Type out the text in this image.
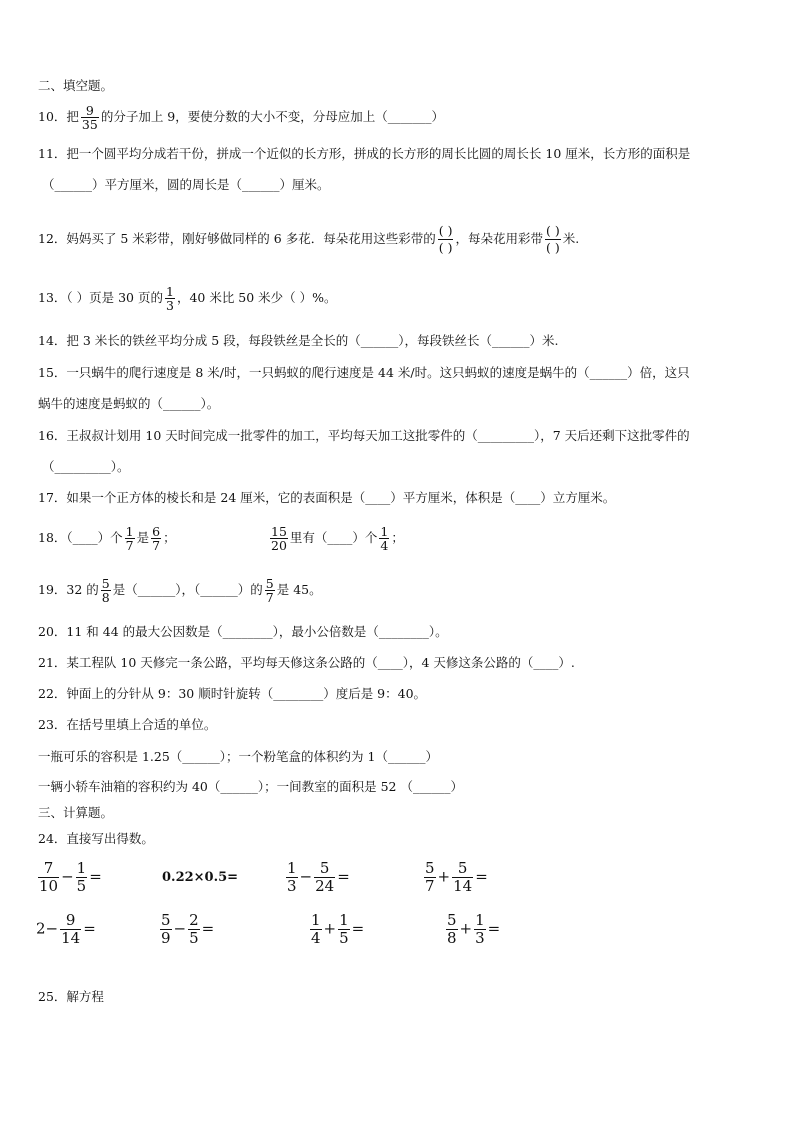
二、填空题。
10．把 $\frac{9}{35}$ 的分子加上 9，要使分数的大小不变，分母应加上（_______）
11．把一个圆平均分成若干份，拼成一个近似的长方形，拼成的长方形的周长比圆的周长长 10 厘米，长方形的面积是
（______）平方厘米，圆的周长是（______）厘米。
12．妈妈买了 5 米彩带，刚好够做同样的 6 多花．每朵花用这些彩带的
( )
( )
，每朵花用彩带
( )
( )
米.
13．（ ）页是 30 页的 $\frac{1}{3}$ ，40 米比 50 米少（ ）%。
14．把 3 米长的铁丝平均分成 5 段，每段铁丝是全长的（______），每段铁丝长（______）米.
15．一只蜗牛的爬行速度是 8 米/时，一只蚂蚁的爬行速度是 44 米/时。这只蚂蚁的速度是蜗牛的（______）倍，这只
蜗牛的速度是蚂蚁的（______）。
16．王叔叔计划用 10 天时间完成一批零件的加工，平均每天加工这批零件的（_________），7 天后还剩下这批零件的
（_________）。
17．如果一个正方体的棱长和是 24 厘米，它的表面积是（____）平方厘米，体积是（____）立方厘米。
18．（____）个 $\frac{1}{7}$ 是 $\frac{6}{7}$ ；	$\frac{15}{20}$ 里有（____）个 $\frac{1}{4}$ ；
19．32 的 $\frac{5}{8}$ 是（______），（______）的 $\frac{5}{7}$ 是 45。
20．11 和 44 的最大公因数是（________），最小公倍数是（________）。
21．某工程队 10 天修完一条公路，平均每天修这条公路的（____），4 天修这条公路的（____）.
22．钟面上的分针从 9：30 顺时针旋转（________）度后是 9：40。
23．在括号里填上合适的单位。
一瓶可乐的容积是 1.25（______）；一个粉笔盒的体积约为 1（______）
一辆小轿车油箱的容积约为 40（______）；一间教室的面积是 52 （______）
三、计算题。
24．直接写出得数。
$\frac{7}{10} - \frac{1}{5}$ =	0.22×0.5=	$\frac{1}{3} - \frac{5}{24}$ =	$\frac{5}{7} + \frac{5}{14}$ =
$2- \frac{9}{14}$ =	$\frac{5}{9} - \frac{2}{5}$ =	$\frac{1}{4} + \frac{1}{5}$ =	$\frac{5}{8} + \frac{1}{3}$ =
25．解方程
